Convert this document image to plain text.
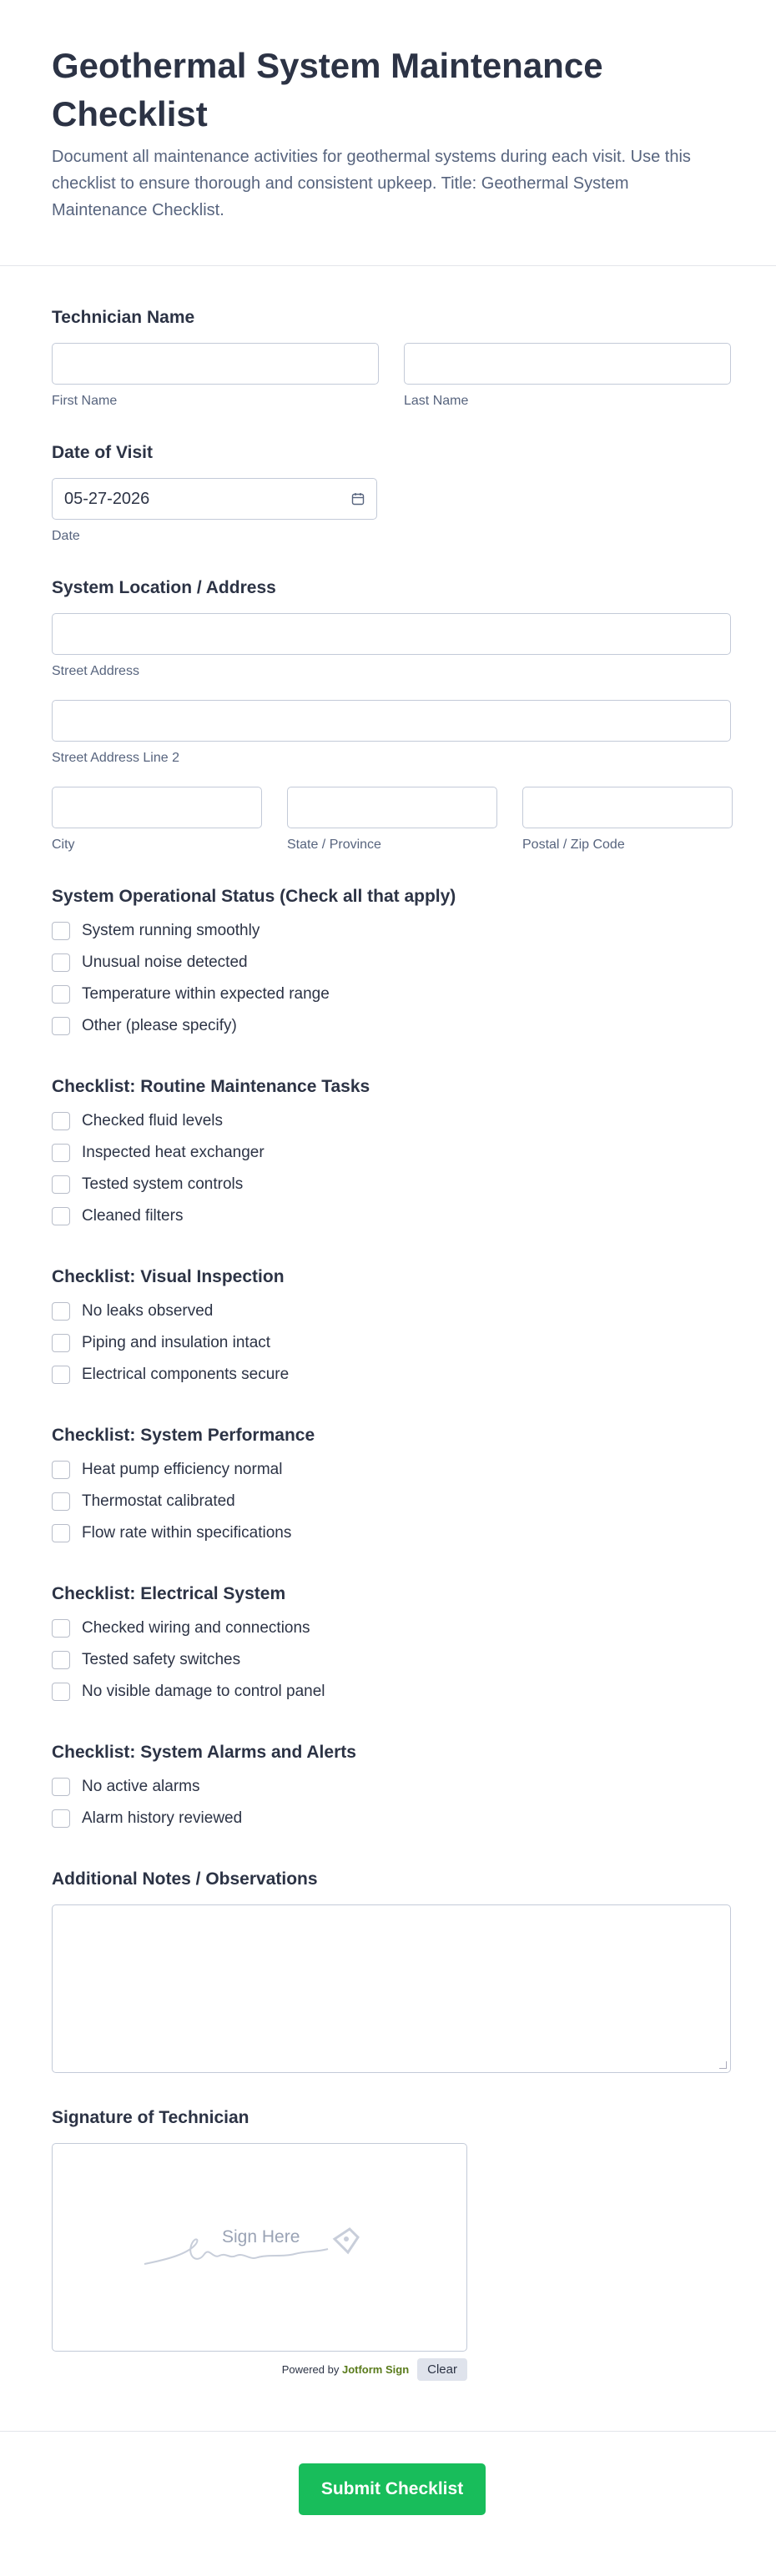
Geothermal System Maintenance Checklist
Document all maintenance activities for geothermal systems during each visit. Use this checklist to ensure thorough and consistent upkeep. Title: Geothermal System Maintenance Checklist.
Technician Name
First Name	Last Name
Date of Visit
05-27-2026
Date
System Location / Address
Street Address
Street Address Line 2
City	State / Province	Postal / Zip Code
System Operational Status (Check all that apply)
System running smoothly
Unusual noise detected
Temperature within expected range
Other (please specify)
Checklist: Routine Maintenance Tasks
Checked fluid levels
Inspected heat exchanger
Tested system controls
Cleaned filters
Checklist: Visual Inspection
No leaks observed
Piping and insulation intact
Electrical components secure
Checklist: System Performance
Heat pump efficiency normal
Thermostat calibrated
Flow rate within specifications
Checklist: Electrical System
Checked wiring and connections
Tested safety switches
No visible damage to control panel
Checklist: System Alarms and Alerts
No active alarms
Alarm history reviewed
Additional Notes / Observations
Signature of Technician
Sign Here
Powered by Jotform Sign	Clear
Submit Checklist
